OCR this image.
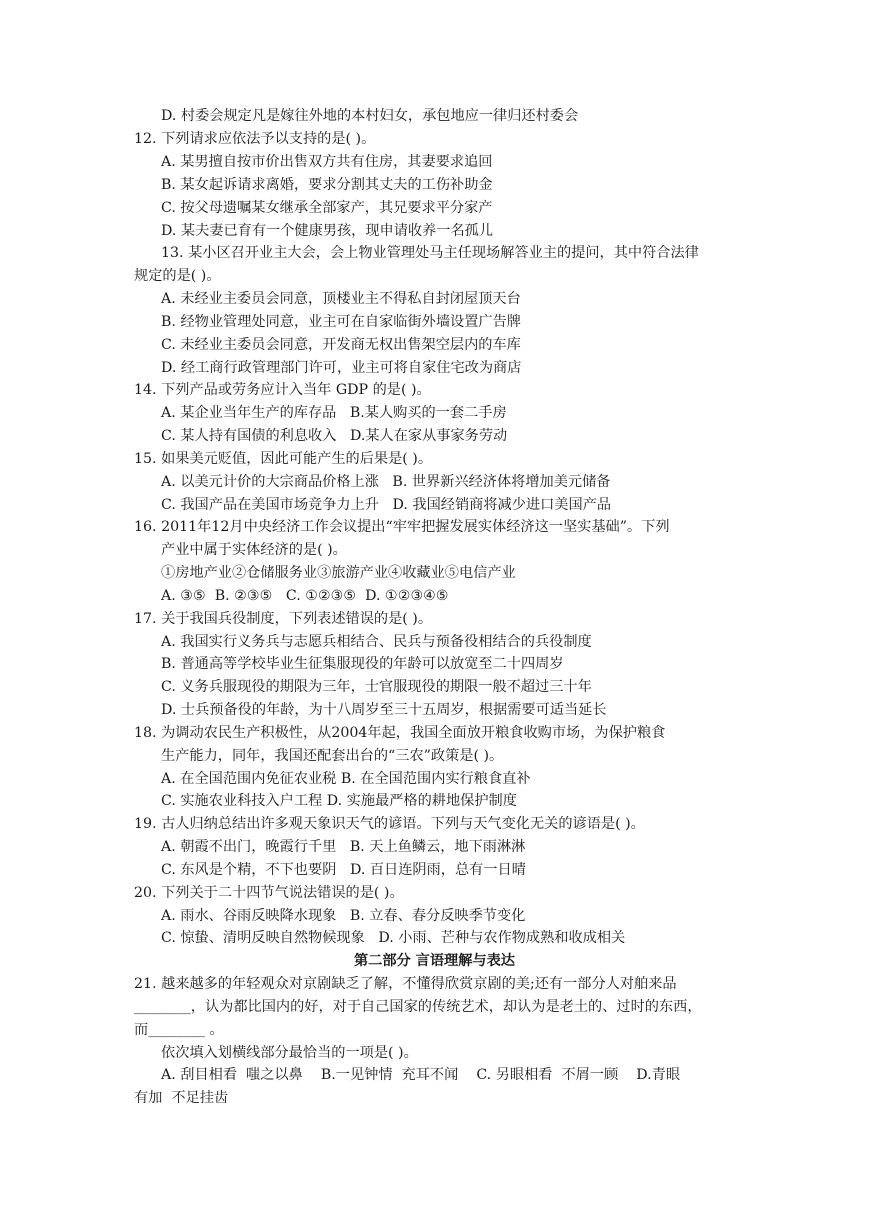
D. 村委会规定凡是嫁往外地的本村妇女，承包地应一律归还村委会
12. 下列请求应依法予以支持的是( )。
A. 某男擅自按市价出售双方共有住房，其妻要求追回
B. 某女起诉请求离婚，要求分割其丈夫的工伤补助金
C. 按父母遗嘱某女继承全部家产，其兄要求平分家产
D. 某夫妻已育有一个健康男孩，现申请收养一名孤儿
13. 某小区召开业主大会，会上物业管理处马主任现场解答业主的提问，其中符合法律
规定的是( )。
A. 未经业主委员会同意，顶楼业主不得私自封闭屋顶天台
B. 经物业管理处同意，业主可在自家临街外墙设置广告牌
C. 未经业主委员会同意，开发商无权出售架空层内的车库
D. 经工商行政管理部门许可，业主可将自家住宅改为商店
14. 下列产品或劳务应计入当年 GDP 的是( )。
A. 某企业当年生产的库存品   B.某人购买的一套二手房
C. 某人持有国债的利息收入   D.某人在家从事家务劳动
15. 如果美元贬值，因此可能产生的后果是( )。
A. 以美元计价的大宗商品价格上涨   B. 世界新兴经济体将增加美元储备
C. 我国产品在美国市场竞争力上升   D. 我国经销商将减少进口美国产品
16. 2011年12月中央经济工作会议提出“牢牢把握发展实体经济这一坚实基础”。下列
产业中属于实体经济的是( )。
①房地产业②仓储服务业③旅游产业④收藏业⑤电信产业
A. ③⑤  B. ②③⑤   C. ①②③⑤  D. ①②③④⑤
17. 关于我国兵役制度，下列表述错误的是( )。
A. 我国实行义务兵与志愿兵相结合、民兵与预备役相结合的兵役制度
B. 普通高等学校毕业生征集服现役的年龄可以放宽至二十四周岁
C. 义务兵服现役的期限为三年，士官服现役的期限一般不超过三十年
D. 士兵预备役的年龄，为十八周岁至三十五周岁，根据需要可适当延长
18. 为调动农民生产积极性，从2004年起，我国全面放开粮食收购市场，为保护粮食
生产能力，同年，我国还配套出台的“三农”政策是( )。
A. 在全国范围内免征农业税 B. 在全国范围内实行粮食直补
C. 实施农业科技入户工程 D. 实施最严格的耕地保护制度
19. 古人归纳总结出许多观天象识天气的谚语。下列与天气变化无关的谚语是( )。
A. 朝霞不出门，晚霞行千里   B. 天上鱼鳞云，地下雨淋淋
C. 东风是个精，不下也要阴   D. 百日连阴雨，总有一日晴
20. 下列关于二十四节气说法错误的是( )。
A. 雨水、谷雨反映降水现象   B. 立春、春分反映季节变化
C. 惊蛰、清明反映自然物候现象   D. 小雨、芒种与农作物成熟和收成相关
第二部分 言语理解与表达
21. 越来越多的年轻观众对京剧缺乏了解，不懂得欣赏京剧的美;还有一部分人对舶来品
________，认为都比国内的好，对于自己国家的传统艺术，却认为是老土的、过时的东西，
而________ 。
依次填入划横线部分最恰当的一项是( )。
A. 刮目相看  嗤之以鼻    B.一见钟情  充耳不闻    C. 另眼相看  不屑一顾    D.青眼
有加  不足挂齿
